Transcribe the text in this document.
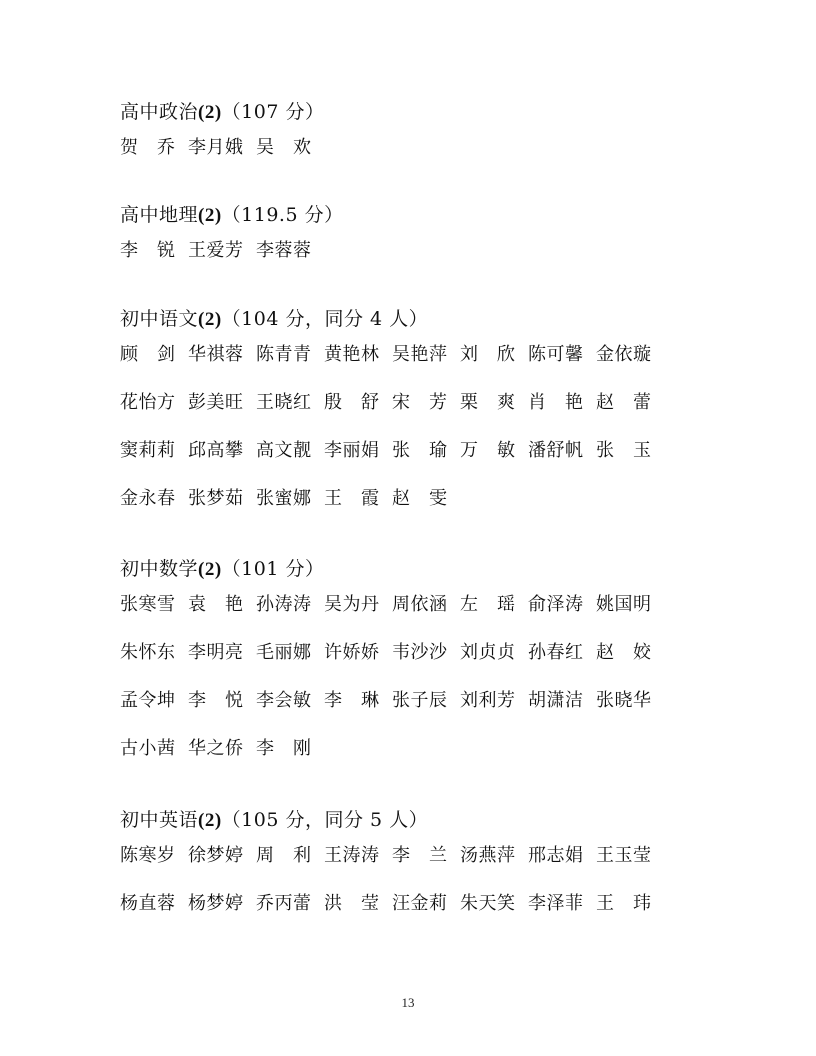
高中政治(2)（107 分）
贺　乔 李月娥 吴　欢
高中地理(2)（119.5 分）
李　锐 王爱芳 李蓉蓉
初中语文(2)（104 分，同分 4 人）
顾　剑 华祺蓉 陈青青 黄艳林 吴艳萍 刘　欣 陈可馨 金依璇
花怡方 彭美旺 王晓红 殷　舒 宋　芳 栗　爽 肖　艳 赵　蕾
窦莉莉 邱高攀 高文靓 李丽娟 张　瑜 万　敏 潘舒帆 张　玉
金永春 张梦茹 张蜜娜 王　霞 赵　雯
初中数学(2)（101 分）
张寒雪 袁　艳 孙涛涛 吴为丹 周依涵 左　瑶 俞泽涛 姚国明
朱怀东 李明亮 毛丽娜 许娇娇 韦沙沙 刘贞贞 孙春红 赵　姣
孟令坤 李　悦 李会敏 李　琳 张子辰 刘利芳 胡潇洁 张晓华
古小茜 华之侨 李　刚
初中英语(2)（105 分，同分 5 人）
陈寒岁 徐梦婷 周　利 王涛涛 李　兰 汤燕萍 邢志娟 王玉莹
杨直蓉 杨梦婷 乔丙蕾 洪　莹 汪金莉 朱天笑 李泽菲 王　玮
13
